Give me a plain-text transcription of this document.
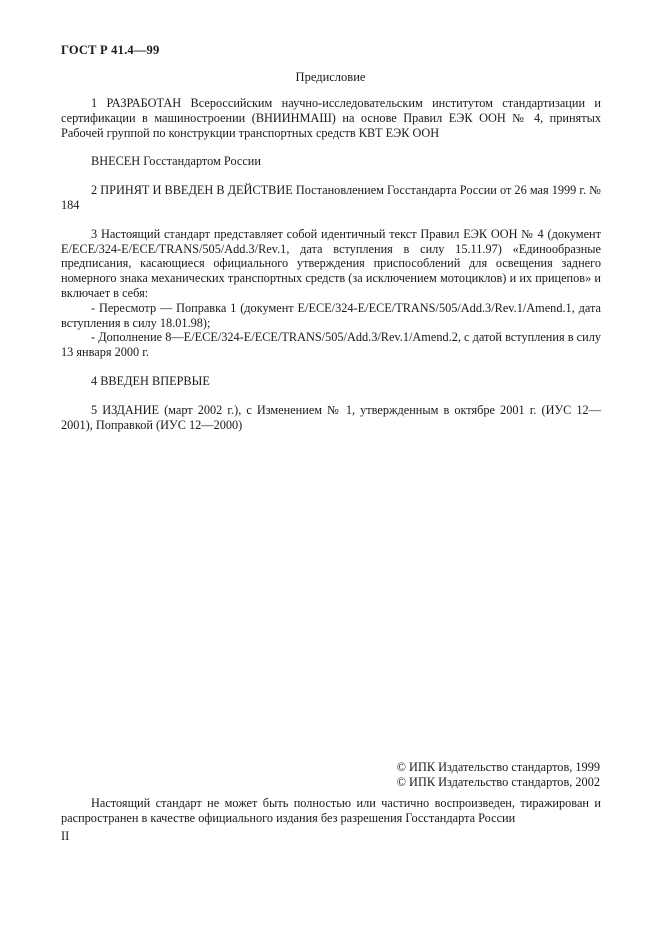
ГОСТ Р 41.4—99
Предисловие

1 РАЗРАБОТАН Всероссийским научно-исследовательским институтом стандартизации и сертификации в машиностроении (ВНИИНМАШ) на основе Правил ЕЭК ООН № 4, принятых Рабочей группой по конструкции транспортных средств КВТ ЕЭК ООН

ВНЕСЕН Госстандартом России

2 ПРИНЯТ И ВВЕДЕН В ДЕЙСТВИЕ Постановлением Госстандарта России от 26 мая 1999 г. № 184

3 Настоящий стандарт представляет собой идентичный текст Правил ЕЭК ООН № 4 (документ E/ECE/324-E/ECE/TRANS/505/Add.3/Rev.1, дата вступления в силу 15.11.97) «Единообразные предписания, касающиеся официального утверждения приспособлений для освещения заднего номерного знака механических транспортных средств (за исключением мотоциклов) и их прицепов» и включает в себя:

- Пересмотр — Поправка 1 (документ E/ECE/324-E/ECE/TRANS/505/Add.3/Rev.1/Amend.1, дата вступления в силу 18.01.98);

- Дополнение 8—E/ECE/324-E/ECE/TRANS/505/Add.3/Rev.1/Amend.2, с датой вступления в силу 13 января 2000 г.

4 ВВЕДЕН ВПЕРВЫЕ

5 ИЗДАНИЕ (март 2002 г.), с Изменением № 1, утвержденным в октябре 2001 г. (ИУС 12—2001), Поправкой (ИУС 12—2000)

© ИПК Издательство стандартов, 1999
© ИПК Издательство стандартов, 2002
Настоящий стандарт не может быть полностью или частично воспроизведен, тиражирован и распространен в качестве официального издания без разрешения Госстандарта России
II
